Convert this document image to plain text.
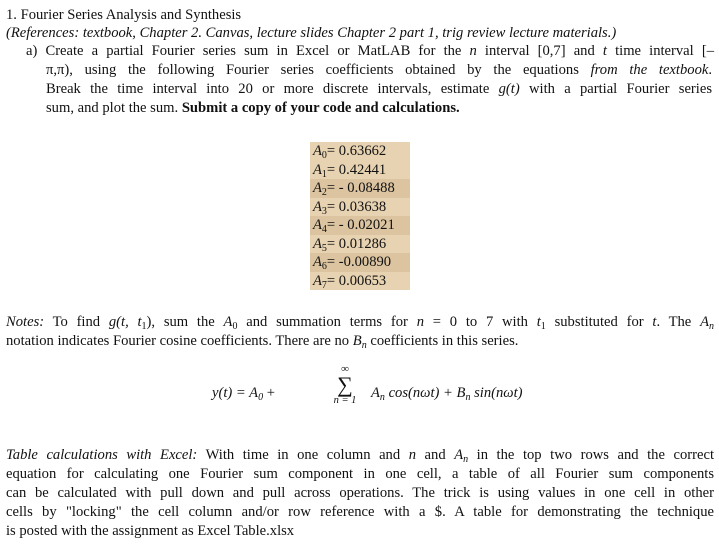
1. Fourier Series Analysis and Synthesis
(References: textbook, Chapter 2. Canvas, lecture slides Chapter 2 part 1, trig review lecture materials.)
a) Create a partial Fourier series sum in Excel or MatLAB for the n interval [0,7] and t time interval [–
π,π), using the following Fourier series coefficients obtained by the equations from the textbook.
Break the time interval into 20 or more discrete intervals, estimate g(t) with a partial Fourier series
sum, and plot the sum. Submit a copy of your code and calculations.
$A_0= 0.63662$
$A_1= 0.42441$
$A_2= - 0.08488$
$A_3= 0.03638$
$A_4= - 0.02021$
$A_5= 0.01286$
$A_6= -0.00890$
$A_7= 0.00653$
Notes: To find g(t, $t_1$), sum the $A_0$ and summation terms for n = 0 to 7 with $t_1$ substituted for t. The $A_n$
notation indicates Fourier cosine coefficients. There are no $B_n$ coefficients in this series.
$y(t) = A_0$ +
∞
∑
n = 1 $A_n$ $\cos(n\omega t) + B_n$ sin(nωt)
Table calculations with Excel: With time in one column and n and $A_n$ in the top two rows and the correct
equation for calculating one Fourier sum component in one cell, a table of all Fourier sum components
can be calculated with pull down and pull across operations. The trick is using values in one cell in other
cells by "locking" the cell column and/or row reference with a $. A table for demonstrating the technique
is posted with the assignment as Excel Table.xlsx
